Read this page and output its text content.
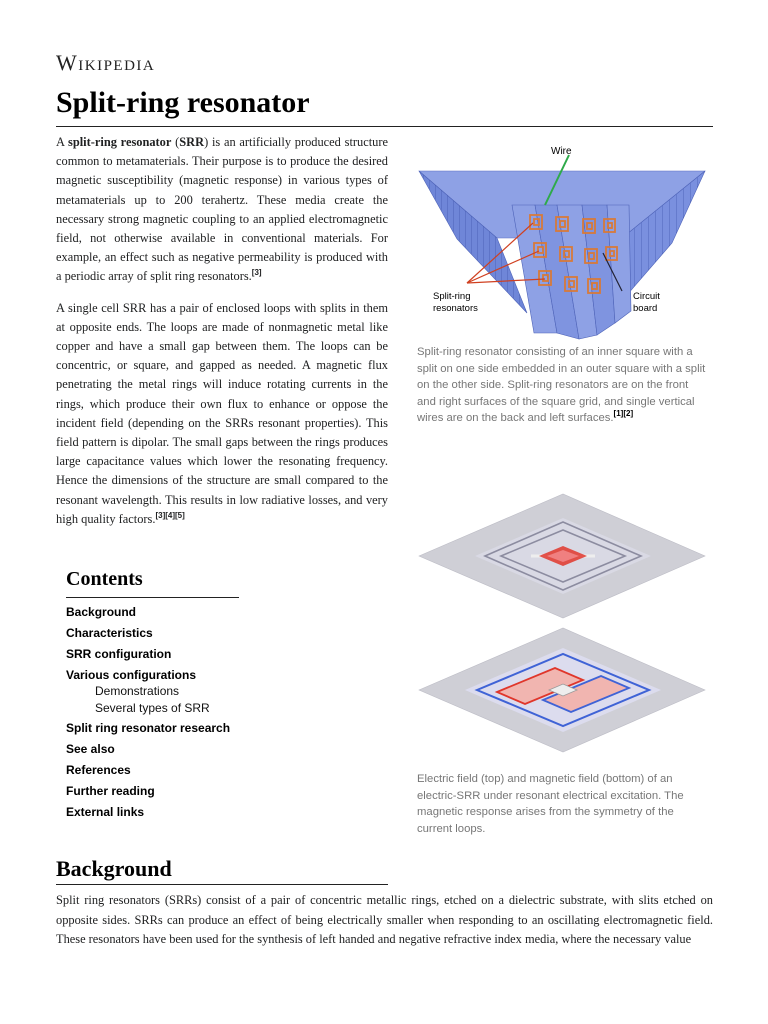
Wikipedia
Split-ring resonator

A split-ring resonator (SRR) is an artificially produced structure common to metamaterials. Their purpose is to produce the desired magnetic susceptibility (magnetic response) in various types of metamaterials up to 200 terahertz. These media create the necessary strong magnetic coupling to an applied electromagnetic field, not otherwise available in conventional materials. For example, an effect such as negative permeability is produced with a periodic array of split ring resonators.[3]

A single cell SRR has a pair of enclosed loops with splits in them at opposite ends. The loops are made of nonmagnetic metal like copper and have a small gap between them. The loops can be concentric, or square, and gapped as needed. A magnetic flux penetrating the metal rings will induce rotating currents in the rings, which produce their own flux to enhance or oppose the incident field (depending on the SRRs resonant properties). This field pattern is dipolar. The small gaps between the rings produces large capacitance values which lower the resonating frequency. Hence the dimensions of the structure are small compared to the resonant wavelength. This results in low radiative losses, and very high quality factors.[3][4][5]

Contents
Background
Characteristics
SRR configuration
Various configurations
Demonstrations
Several types of SRR
Split ring resonator research
See also
References
Further reading
External links
Wire
Split-ring
resonators
Circuit
board
Split-ring resonator consisting of an inner square with a split on one side embedded in an outer square with a split on the other side. Split-ring resonators are on the front and right surfaces of the square grid, and single vertical wires are on the back and left surfaces.[1][2]
Electric field (top) and magnetic field (bottom) of an electric-SRR under resonant electrical excitation. The magnetic response arises from the symmetry of the current loops.
Background

Split ring resonators (SRRs) consist of a pair of concentric metallic rings, etched on a dielectric substrate, with slits etched on opposite sides. SRRs can produce an effect of being electrically smaller when responding to an oscillating electromagnetic field. These resonators have been used for the synthesis of left handed and negative refractive index media, where the necessary value
